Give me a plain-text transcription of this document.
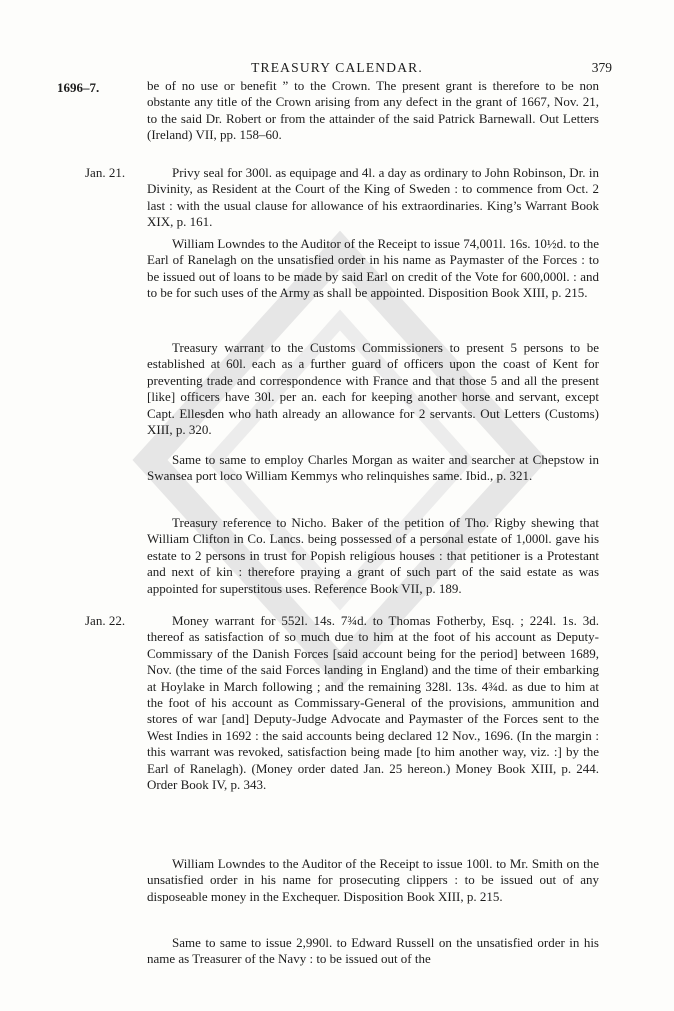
TREASURY CALENDAR.	379
1696–7.	be of no use or benefit ” to the Crown. The present grant is therefore to be non obstante any title of the Crown arising from any defect in the grant of 1667, Nov. 21, to the said Dr. Robert or from the attainder of the said Patrick Barnewall. Out Letters (Ireland) VII, pp. 158–60.
Jan. 21.	Privy seal for 300l. as equipage and 4l. a day as ordinary to John Robinson, Dr. in Divinity, as Resident at the Court of the King of Sweden : to commence from Oct. 2 last : with the usual clause for allowance of his extraordinaries. King’s Warrant Book XIX, p. 161.
William Lowndes to the Auditor of the Receipt to issue 74,001l. 16s. 10½d. to the Earl of Ranelagh on the unsatisfied order in his name as Paymaster of the Forces : to be issued out of loans to be made by said Earl on credit of the Vote for 600,000l. : and to be for such uses of the Army as shall be appointed. Disposition Book XIII, p. 215.
Treasury warrant to the Customs Commissioners to present 5 persons to be established at 60l. each as a further guard of officers upon the coast of Kent for preventing trade and correspondence with France and that those 5 and all the present [like] officers have 30l. per an. each for keeping another horse and servant, except Capt. Ellesden who hath already an allowance for 2 servants. Out Letters (Customs) XIII, p. 320.
Same to same to employ Charles Morgan as waiter and searcher at Chepstow in Swansea port loco William Kemmys who relinquishes same. Ibid., p. 321.
Treasury reference to Nicho. Baker of the petition of Tho. Rigby shewing that William Clifton in Co. Lancs. being possessed of a personal estate of 1,000l. gave his estate to 2 persons in trust for Popish religious houses : that petitioner is a Protestant and next of kin : therefore praying a grant of such part of the said estate as was appointed for superstitous uses. Reference Book VII, p. 189.
Jan. 22.	Money warrant for 552l. 14s. 7¾d. to Thomas Fotherby, Esq. ; 224l. 1s. 3d. thereof as satisfaction of so much due to him at the foot of his account as Deputy-Commissary of the Danish Forces [said account being for the period] between 1689, Nov. (the time of the said Forces landing in England) and the time of their embarking at Hoylake in March following ; and the remaining 328l. 13s. 4¾d. as due to him at the foot of his account as Commissary-General of the provisions, ammunition and stores of war [and] Deputy-Judge Advocate and Paymaster of the Forces sent to the West Indies in 1692 : the said accounts being declared 12 Nov., 1696. (In the margin : this warrant was revoked, satisfaction being made [to him another way, viz. :] by the Earl of Ranelagh). (Money order dated Jan. 25 hereon.) Money Book XIII, p. 244. Order Book IV, p. 343.
William Lowndes to the Auditor of the Receipt to issue 100l. to Mr. Smith on the unsatisfied order in his name for prosecuting clippers : to be issued out of any disposeable money in the Exchequer. Disposition Book XIII, p. 215.
Same to same to issue 2,990l. to Edward Russell on the unsatisfied order in his name as Treasurer of the Navy : to be issued out of the
